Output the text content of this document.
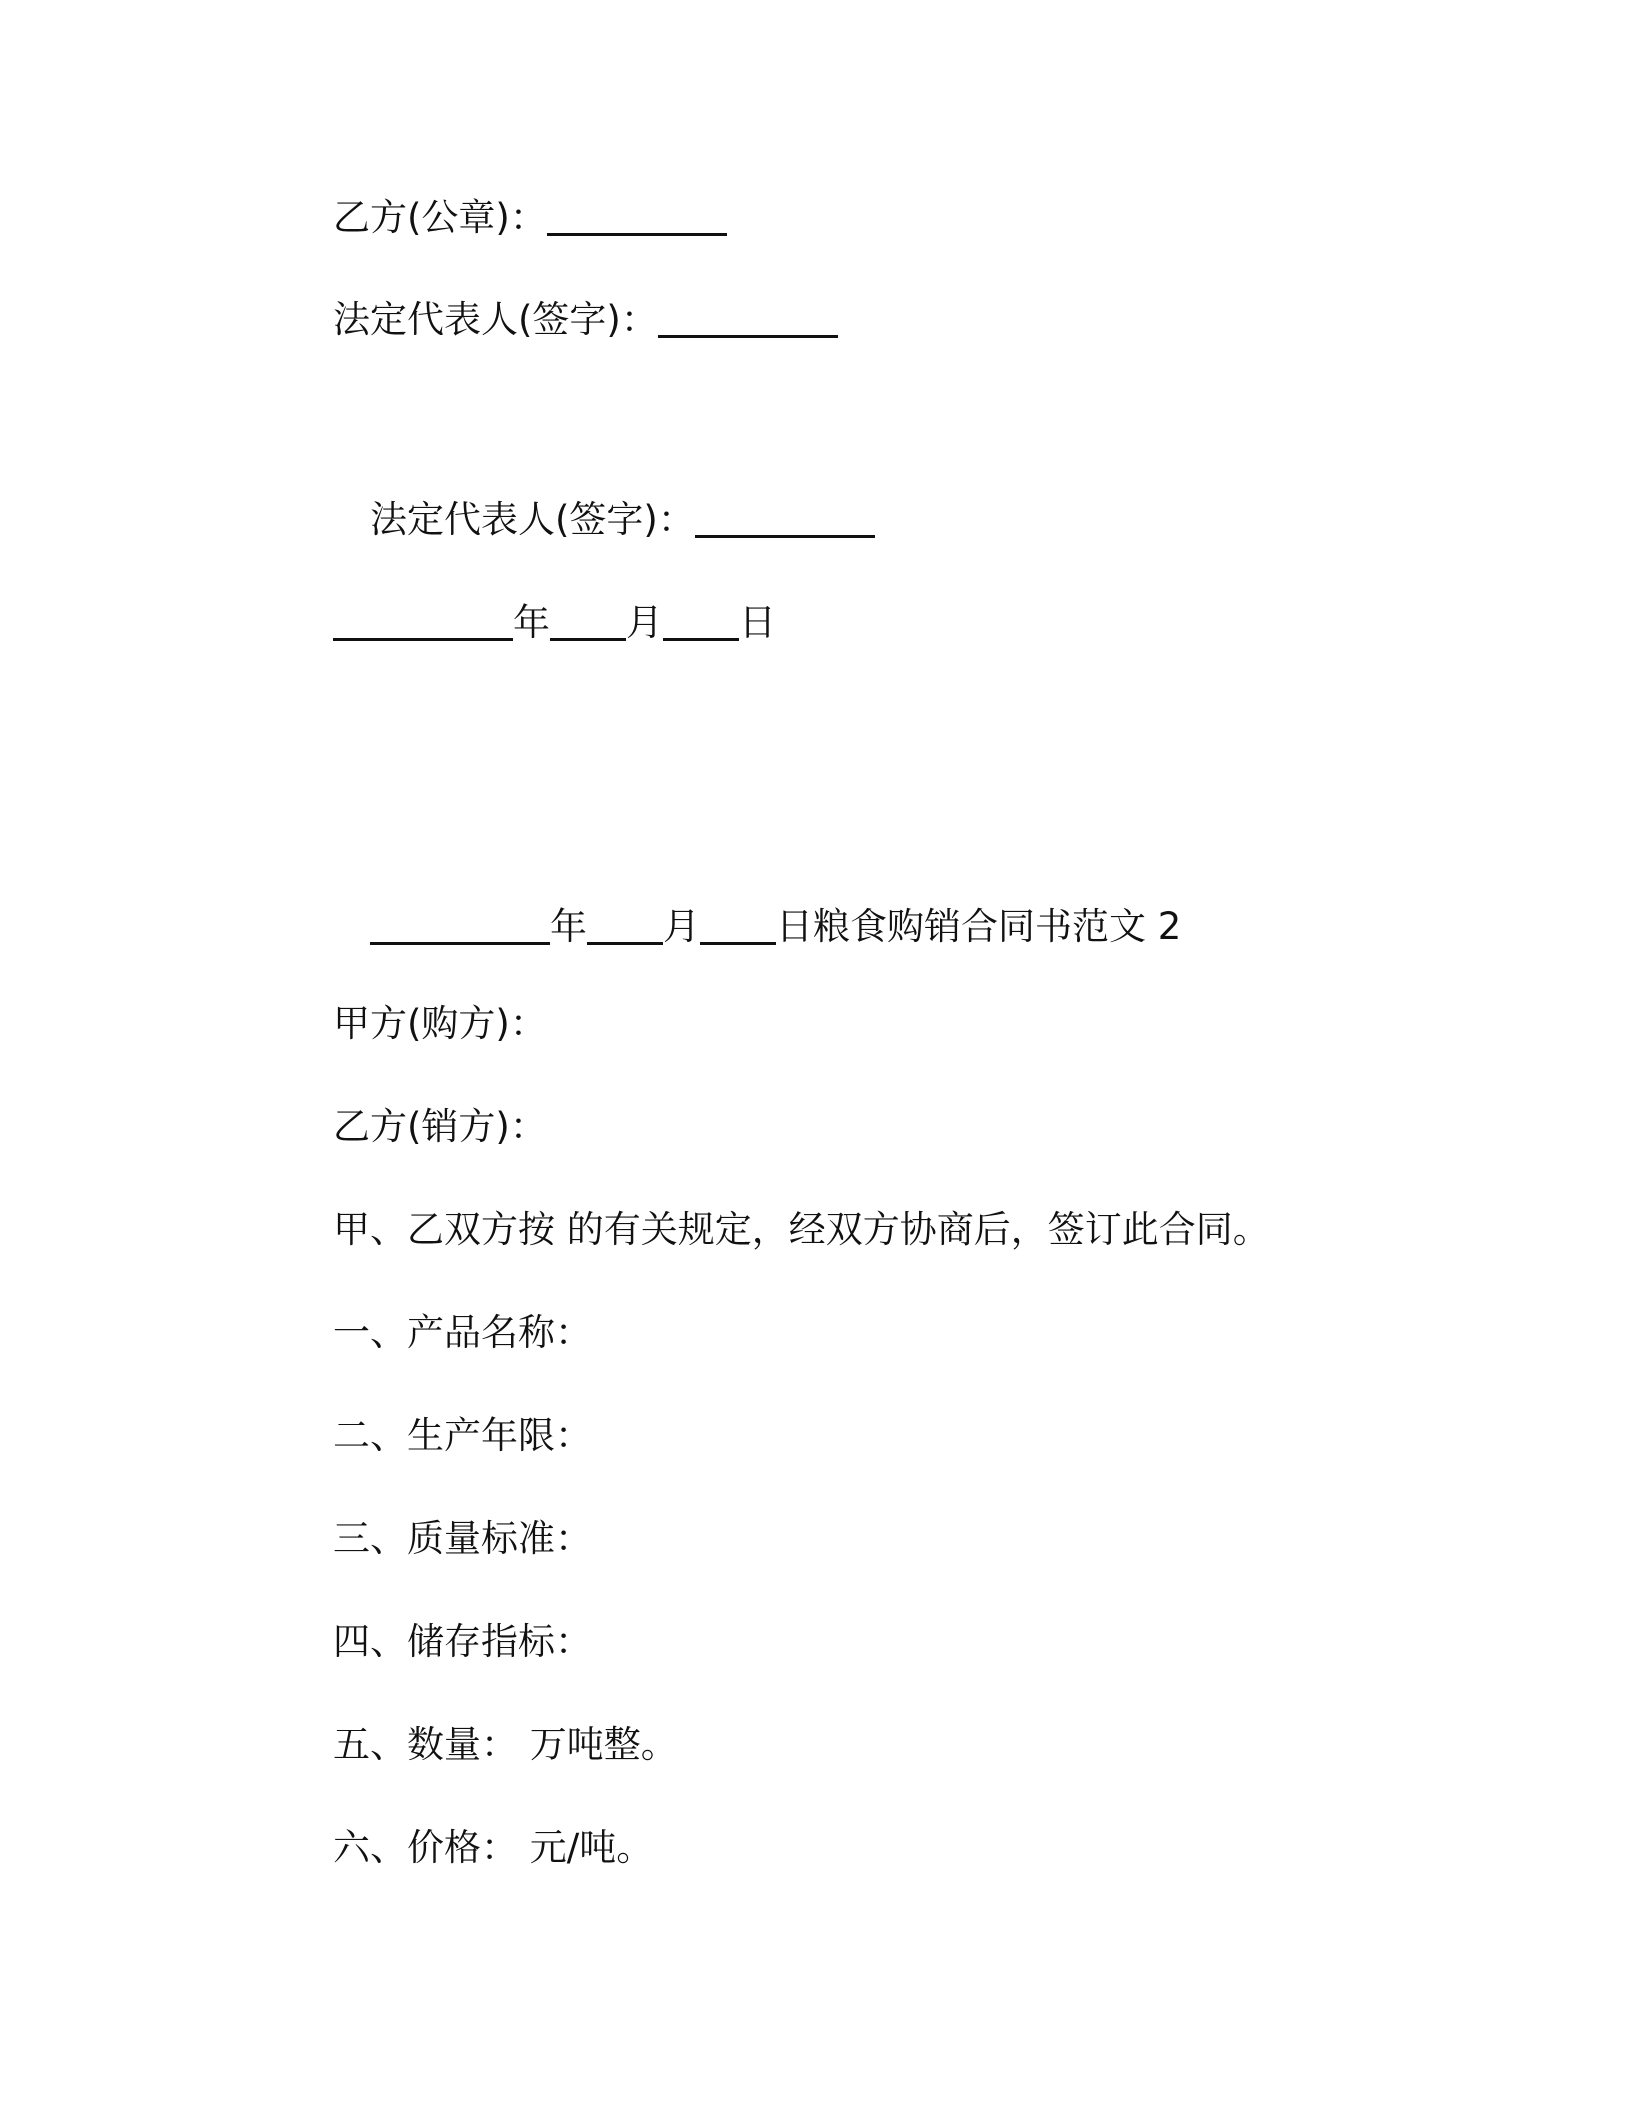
乙方(公章)：
法定代表人(签字)：
法定代表人(签字)：
年 月 日
年 月 日粮食购销合同书范文 2
甲方(购方)：
乙方(销方)：
甲、乙双方按 的有关规定，经双方协商后，签订此合同。
一、产品名称：
二、生产年限：
三、质量标准：
四、储存指标：
五、数量： 万吨整。
六、价格： 元/吨。
